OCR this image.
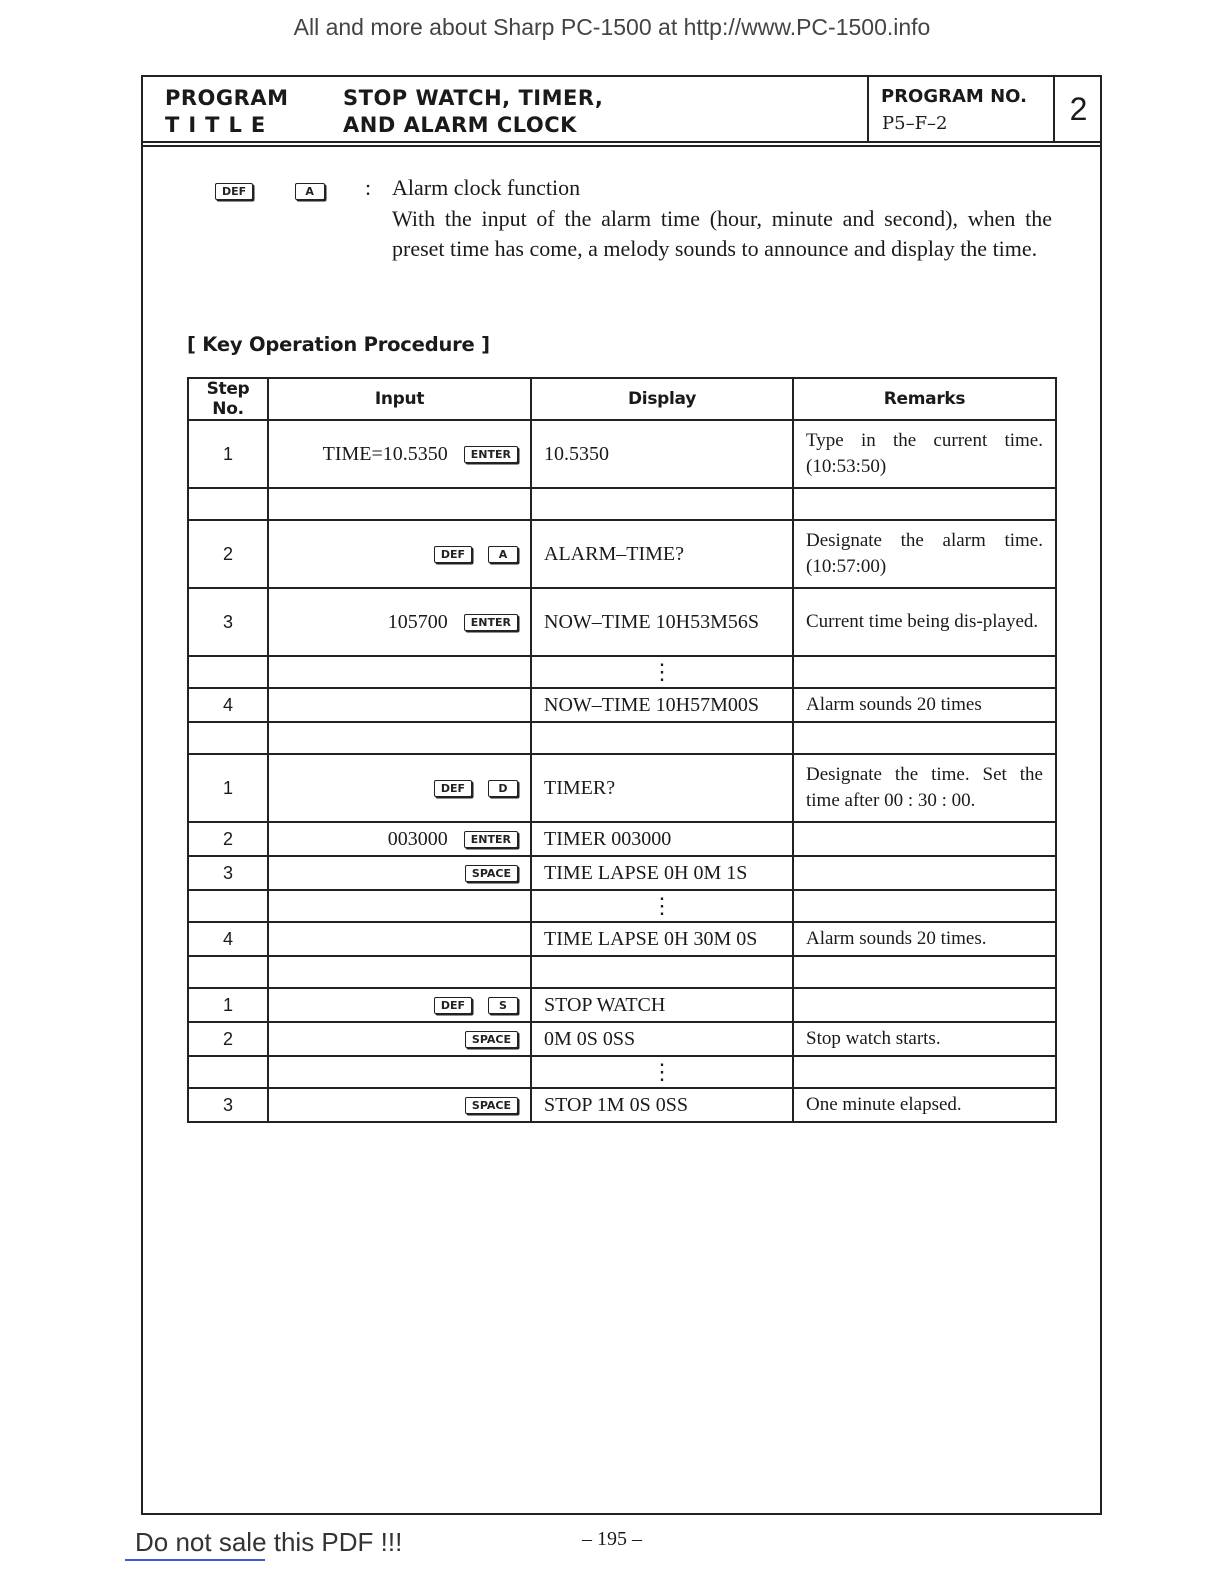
All and more about Sharp PC-1500 at http://www.PC-1500.info
PROGRAM
TITLE
STOP WATCH, TIMER,
AND ALARM CLOCK
PROGRAM NO.
P5–F–2	2
DEF	A	: Alarm clock function
With the input of the alarm time (hour, minute and second), when the preset time has come, a melody sounds to announce and display the time.
[ Key Operation Procedure ]
Step No.	Input	Display	Remarks
1	TIME=10.5350 ENTER	10.5350	Type in the current time. (10:53:50)

2	DEF A	ALARM–TIME?	Designate the alarm time. (10:57:00)
3	105700 ENTER	NOW–TIME 10H53M56S	Current time being dis-played.
		⋮	
4		NOW–TIME 10H57M00S	Alarm sounds 20 times

1	DEF D	TIMER?	Designate the time. Set the time after 00 : 30 : 00.
2	003000 ENTER	TIMER 003000	
3	SPACE	TIME LAPSE 0H 0M 1S	
		⋮	
4		TIME LAPSE 0H 30M 0S	Alarm sounds 20 times.

1	DEF S	STOP WATCH	
2	SPACE	0M 0S 0SS	Stop watch starts.
		⋮	
3	SPACE	STOP 1M 0S 0SS	One minute elapsed.
Do not sale this PDF !!!	– 195 –
